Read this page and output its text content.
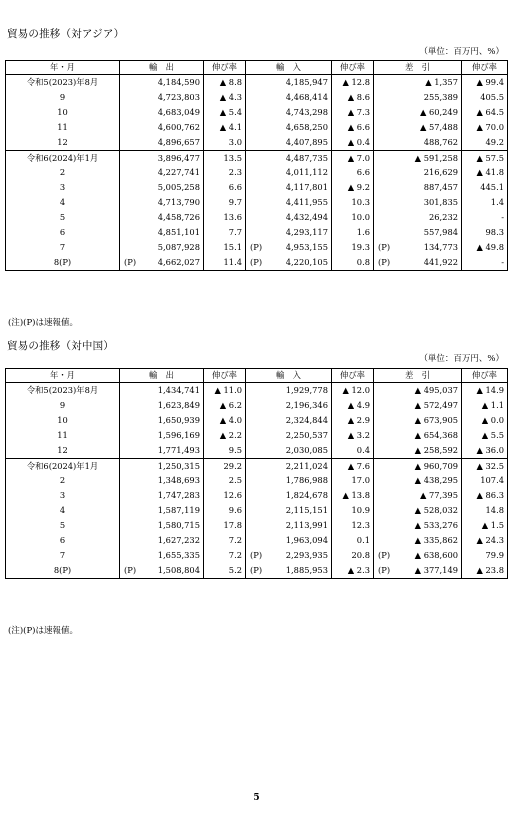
貿易の推移（対アジア）
（単位：百万円、%）
年・月	輸　出	伸び率	輸　入	伸び率	差　引	伸び率
令和5(2023)年8月	4,184,590	▲ 8.8	4,185,947	▲ 12.8	▲ 1,357	▲ 99.4
9	4,723,803	▲ 4.3	4,468,414	▲ 8.6	255,389	405.5
10	4,683,049	▲ 5.4	4,743,298	▲ 7.3	▲ 60,249	▲ 64.5
11	4,600,762	▲ 4.1	4,658,250	▲ 6.6	▲ 57,488	▲ 70.0
12	4,896,657	3.0	4,407,895	▲ 0.4	488,762	49.2
令和6(2024)年1月	3,896,477	13.5	4,487,735	▲ 7.0	▲ 591,258	▲ 57.5
2	4,227,741	2.3	4,011,112	6.6	216,629	▲ 41.8
3	5,005,258	6.6	4,117,801	▲ 9.2	887,457	445.1
4	4,713,790	9.7	4,411,955	10.3	301,835	1.4
5	4,458,726	13.6	4,432,494	10.0	26,232	-
6	4,851,101	7.7	4,293,117	1.6	557,984	98.3
7	5,087,928	15.1	(P) 4,953,155	19.3	(P) 134,773	▲ 49.8
8(P)	(P) 4,662,027	11.4	(P) 4,220,105	0.8	(P) 441,922	-
(注)(P)は速報値。
貿易の推移（対中国）
（単位：百万円、%）
年・月	輸　出	伸び率	輸　入	伸び率	差　引	伸び率
令和5(2023)年8月	1,434,741	▲ 11.0	1,929,778	▲ 12.0	▲ 495,037	▲ 14.9
9	1,623,849	▲ 6.2	2,196,346	▲ 4.9	▲ 572,497	▲ 1.1
10	1,650,939	▲ 4.0	2,324,844	▲ 2.9	▲ 673,905	▲ 0.0
11	1,596,169	▲ 2.2	2,250,537	▲ 3.2	▲ 654,368	▲ 5.5
12	1,771,493	9.5	2,030,085	0.4	▲ 258,592	▲ 36.0
令和6(2024)年1月	1,250,315	29.2	2,211,024	▲ 7.6	▲ 960,709	▲ 32.5
2	1,348,693	2.5	1,786,988	17.0	▲ 438,295	107.4
3	1,747,283	12.6	1,824,678	▲ 13.8	▲ 77,395	▲ 86.3
4	1,587,119	9.6	2,115,151	10.9	▲ 528,032	14.8
5	1,580,715	17.8	2,113,991	12.3	▲ 533,276	▲ 1.5
6	1,627,232	7.2	1,963,094	0.1	▲ 335,862	▲ 24.3
7	1,655,335	7.2	(P) 2,293,935	20.8	(P) ▲ 638,600	79.9
8(P)	(P) 1,508,804	5.2	(P) 1,885,953	▲ 2.3	(P) ▲ 377,149	▲ 23.8
(注)(P)は速報値。
5
